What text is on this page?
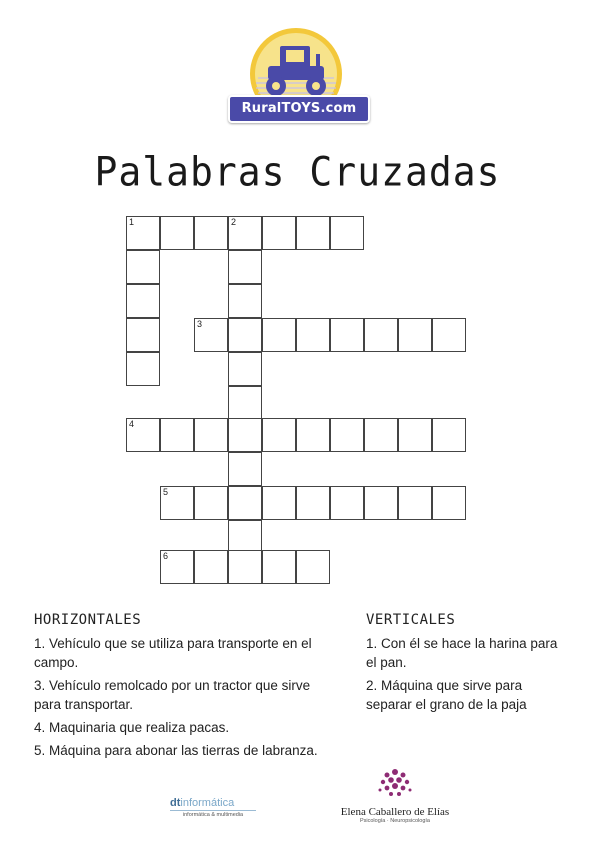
RuralTOYS.com
Palabras Cruzadas
1	2
3
4
5
6
HORIZONTALES

1. Vehículo que se utiliza para transporte en el campo.

3. Vehículo remolcado por un tractor que sirve para transportar.

4. Maquinaria que realiza pacas.

5. Máquina para abonar las tierras de labranza.

VERTICALES

1. Con él se hace la harina para el pan.

2. Máquina que sirve para separar el grano de la paja

dtinformática
informática & multimedia	Elena Caballero de Elías
Psicología · Neuropsicología
